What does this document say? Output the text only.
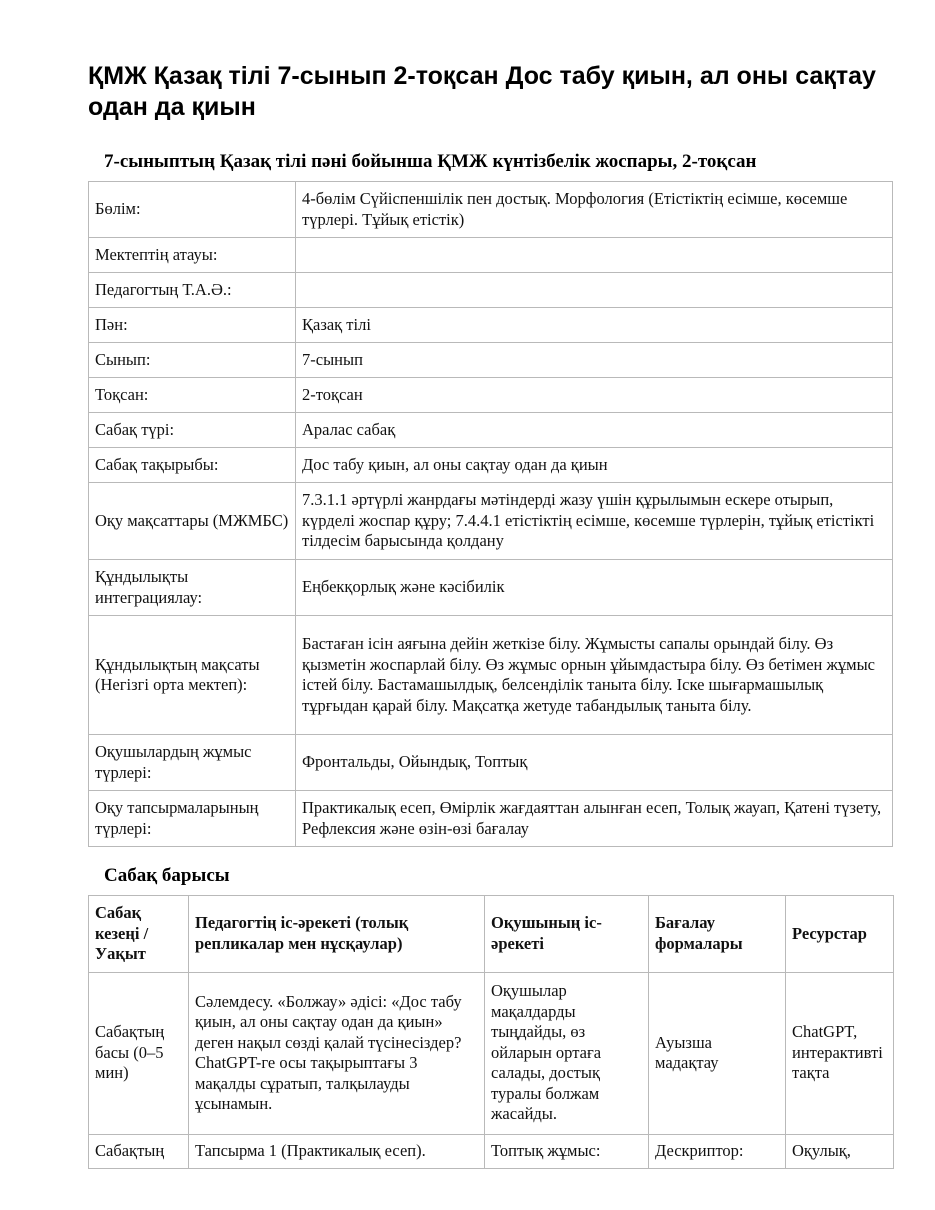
ҚМЖ Қазақ тілі 7-сынып 2-тоқсан Дос табу қиын, ал оны сақтау одан да қиын
7-сыныптың Қазақ тілі пәні бойынша ҚМЖ күнтізбелік жоспары, 2-тоқсан
Бөлім:	4-бөлім Сүйіспеншілік пен достық. Морфология (Етістіктің есімше, көсемше түрлері. Тұйық етістік)
Мектептің атауы:	
Педагогтың Т.А.Ә.:	
Пән:	Қазақ тілі
Сынып:	7-сынып
Тоқсан:	2-тоқсан
Сабақ түрі:	Аралас сабақ
Сабақ тақырыбы:	Дос табу қиын, ал оны сақтау одан да қиын
Оқу мақсаттары (МЖМБС)	7.3.1.1 әртүрлі жанрдағы мәтіндерді жазу үшін құрылымын ескере отырып, күрделі жоспар құру; 7.4.4.1 етістіктің есімше, көсемше түрлерін, тұйық етістікті тілдесім барысында қолдану
Құндылықты интеграциялау:	Еңбекқорлық және кәсібилік
Құндылықтың мақсаты (Негізгі орта мектеп):	Бастаған ісін аяғына дейін жеткізе білу. Жұмысты сапалы орындай білу. Өз қызметін жоспарлай білу. Өз жұмыс орнын ұйымдастыра білу. Өз бетімен жұмыс істей білу. Бастамашылдық, белсенділік таныта білу. Іске шығармашылық тұрғыдан қарай білу. Мақсатқа жетуде табандылық таныта білу.
Оқушылардың жұмыс түрлері:	Фронтальды, Ойындық, Топтық
Оқу тапсырмаларының түрлері:	Практикалық есеп, Өмірлік жағдаяттан алынған есеп, Толық жауап, Қатені түзету, Рефлексия және өзін-өзі бағалау
Сабақ барысы
Сабақ кезеңі / Уақыт	Педагогтің іс-әрекеті (толық репликалар мен нұсқаулар)	Оқушының іс-әрекеті	Бағалау формалары	Ресурстар
Сабақтың басы (0–5 мин)	Сәлемдесу. «Болжау» әдісі: «Дос табу қиын, ал оны сақтау одан да қиын» деген нақыл сөзді қалай түсінесіздер? ChatGPT-ге осы тақырыптағы 3 мақалды сұратып, талқылауды ұсынамын.	Оқушылар мақалдарды тыңдайды, өз ойларын ортаға салады, достық туралы болжам жасайды.	Ауызша мадақтау	ChatGPT, интерактивті тақта
Сабақтың	Тапсырма 1 (Практикалық есеп).	Топтық жұмыс:	Дескриптор:	Оқулық,
